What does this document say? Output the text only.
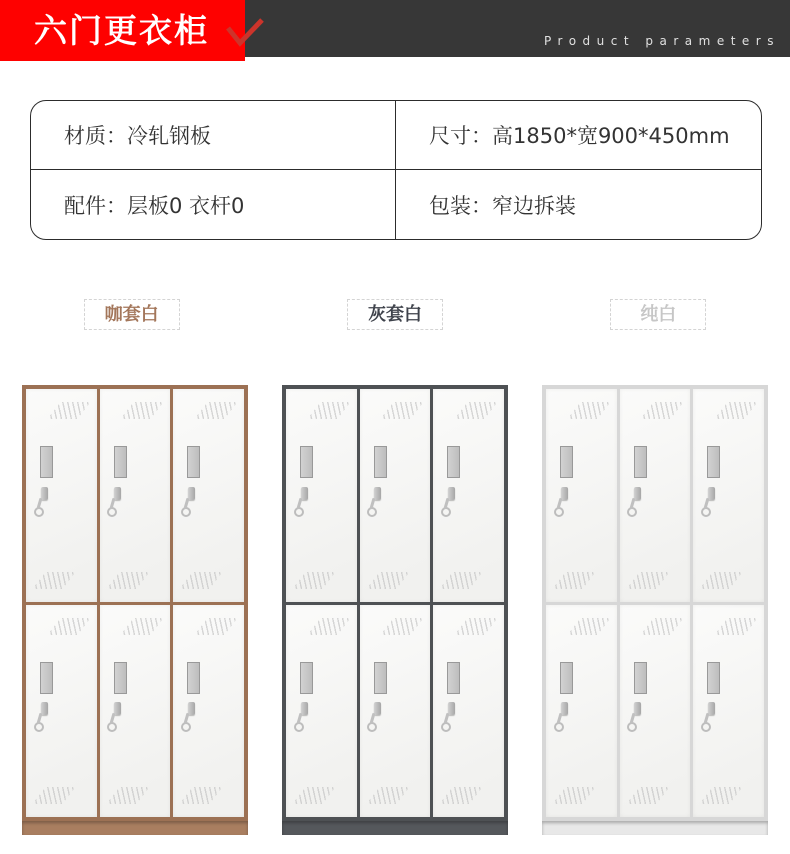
六门更衣柜	Product parameters
材质：冷轧钢板	尺寸：高1850*宽900*450mm
配件：层板0 衣杆0	包装：窄边拆装
咖套白	灰套白	纯白
